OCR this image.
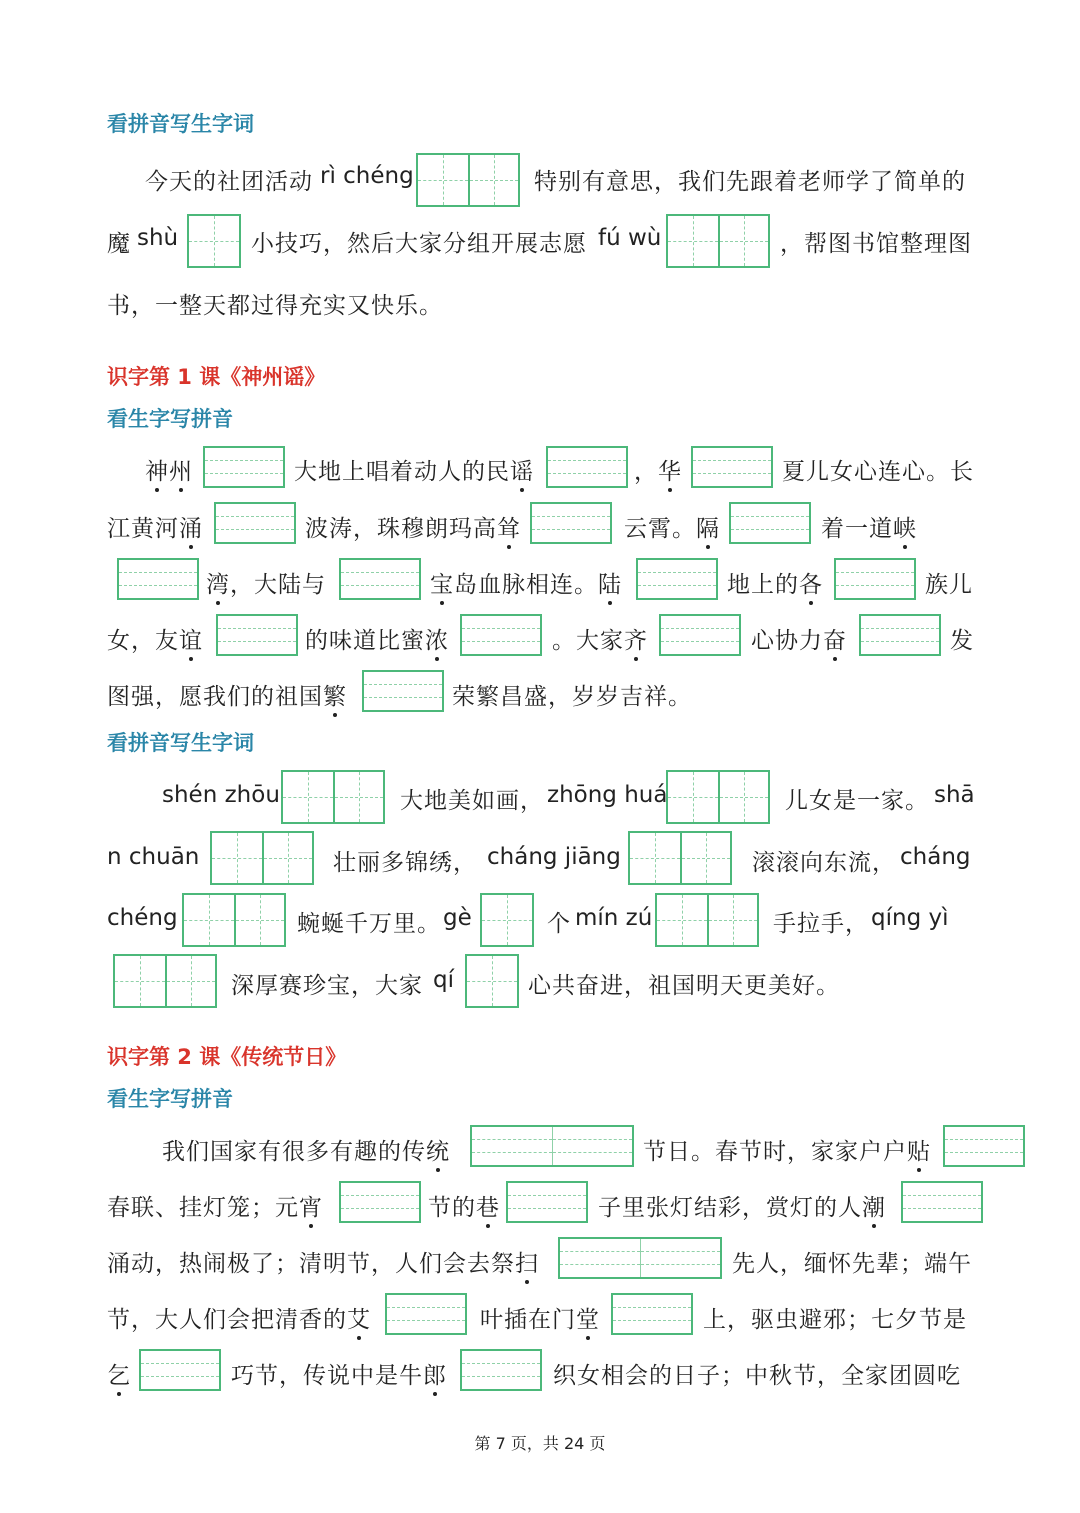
看拼音写生字词
今天的社团活动 rì chéng	特别有意思，我们先跟着老师学了简单的
魔 shù	小技巧，然后大家分组开展志愿 fú wù	，帮图书馆整理图
书，一整天都过得充实又快乐。
识字第 1 课《神州谣》
看生字写拼音
神州	大地上唱着动人的民谣	，华	夏儿女心连心。长
江黄河涌	波涛，珠穆朗玛高耸	云霄。隔	着一道峡
湾，大陆与	宝岛血脉相连。陆	地上的各	族儿
女，友谊	的味道比蜜浓	。大家齐	心协力奋	发
图强，愿我们的祖国繁	荣繁昌盛，岁岁吉祥。
看拼音写生字词
shén zhōu	大地美如画， zhōng huá	儿女是一家。 shā
n chuān	壮丽多锦绣， cháng jiāng	滚滚向东流， cháng
chéng	蜿蜒千万里。 gè	个 mín zú	手拉手， qíng yì
深厚赛珍宝，大家 qí	心共奋进，祖国明天更美好。
识字第 2 课《传统节日》
看生字写拼音
我们国家有很多有趣的传统	节日。春节时，家家户户贴
春联、挂灯笼；元宵	节的巷	子里张灯结彩，赏灯的人潮
涌动，热闹极了；清明节，人们会去祭扫	先人，缅怀先辈；端午
节，大人们会把清香的艾	叶插在门堂	上，驱虫避邪；七夕节是
乞	巧节，传说中是牛郎	织女相会的日子；中秋节，全家团圆吃
第 7 页，共 24 页
